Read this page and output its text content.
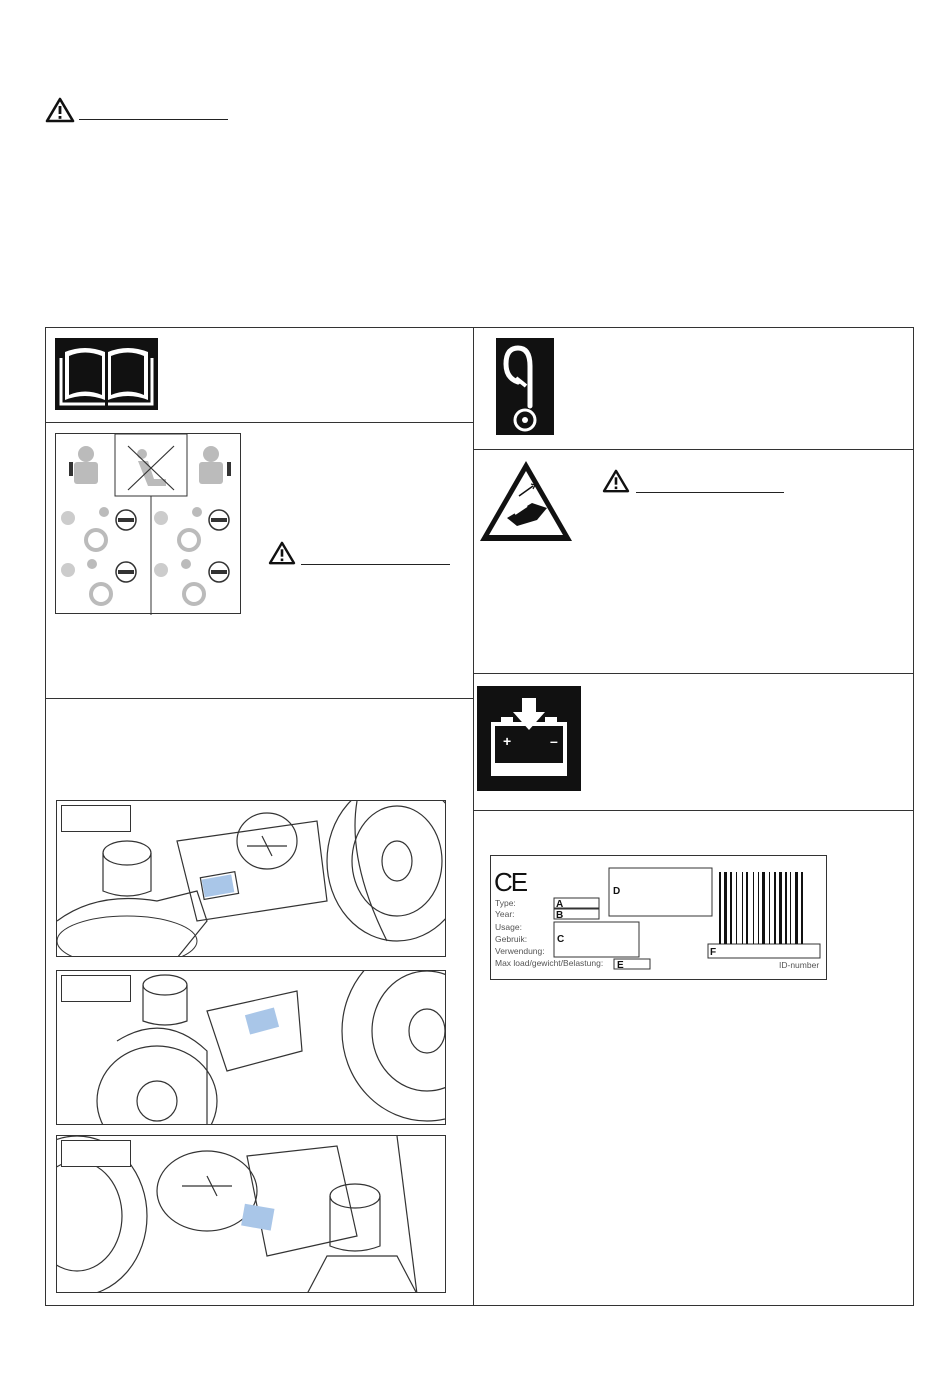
+	–
CE
Type:
Year:
Usage:
Gebruik:
Verwendung:
Max load/gewicht/Belastung:
A
B
C
D
E
F
ID-number
